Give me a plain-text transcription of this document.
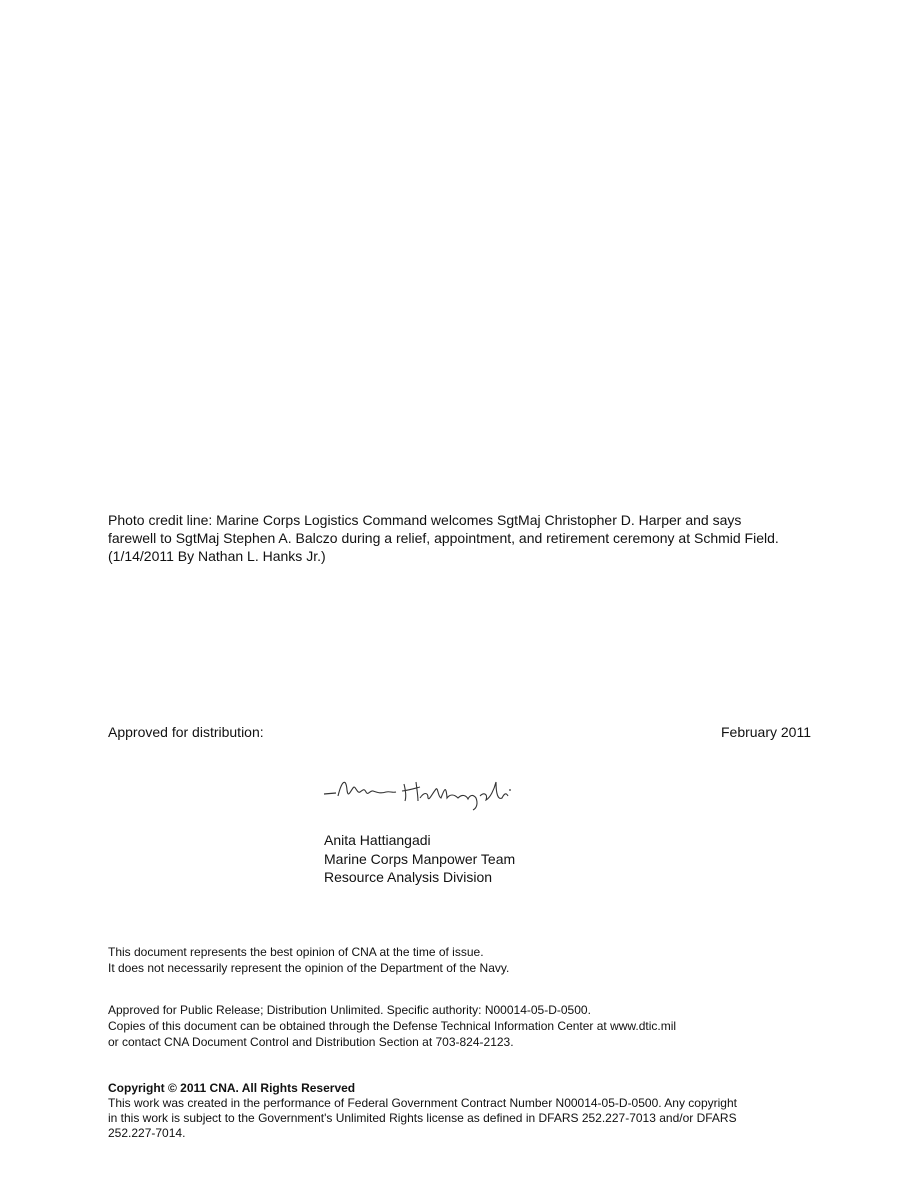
Photo credit line: Marine Corps Logistics Command welcomes SgtMaj Christopher D. Harper and says

farewell to SgtMaj Stephen A. Balczo during a relief, appointment, and retirement ceremony at Schmid Field.

(1/14/2011 By Nathan L. Hanks Jr.)

Approved for distribution:	February 2011
Anita Hattiangadi
Marine Corps Manpower Team
Resource Analysis Division
This document represents the best opinion of CNA at the time of issue.
It does not necessarily represent the opinion of the Department of the Navy.
Approved for Public Release; Distribution Unlimited. Specific authority: N00014-05-D-0500.
Copies of this document can be obtained through the Defense Technical Information Center at www.dtic.mil
or contact CNA Document Control and Distribution Section at 703-824-2123.
Copyright © 2011 CNA. All Rights Reserved
This work was created in the performance of Federal Government Contract Number N00014-05-D-0500. Any copyright
in this work is subject to the Government's Unlimited Rights license as defined in DFARS 252.227-7013 and/or DFARS
252.227-7014.
